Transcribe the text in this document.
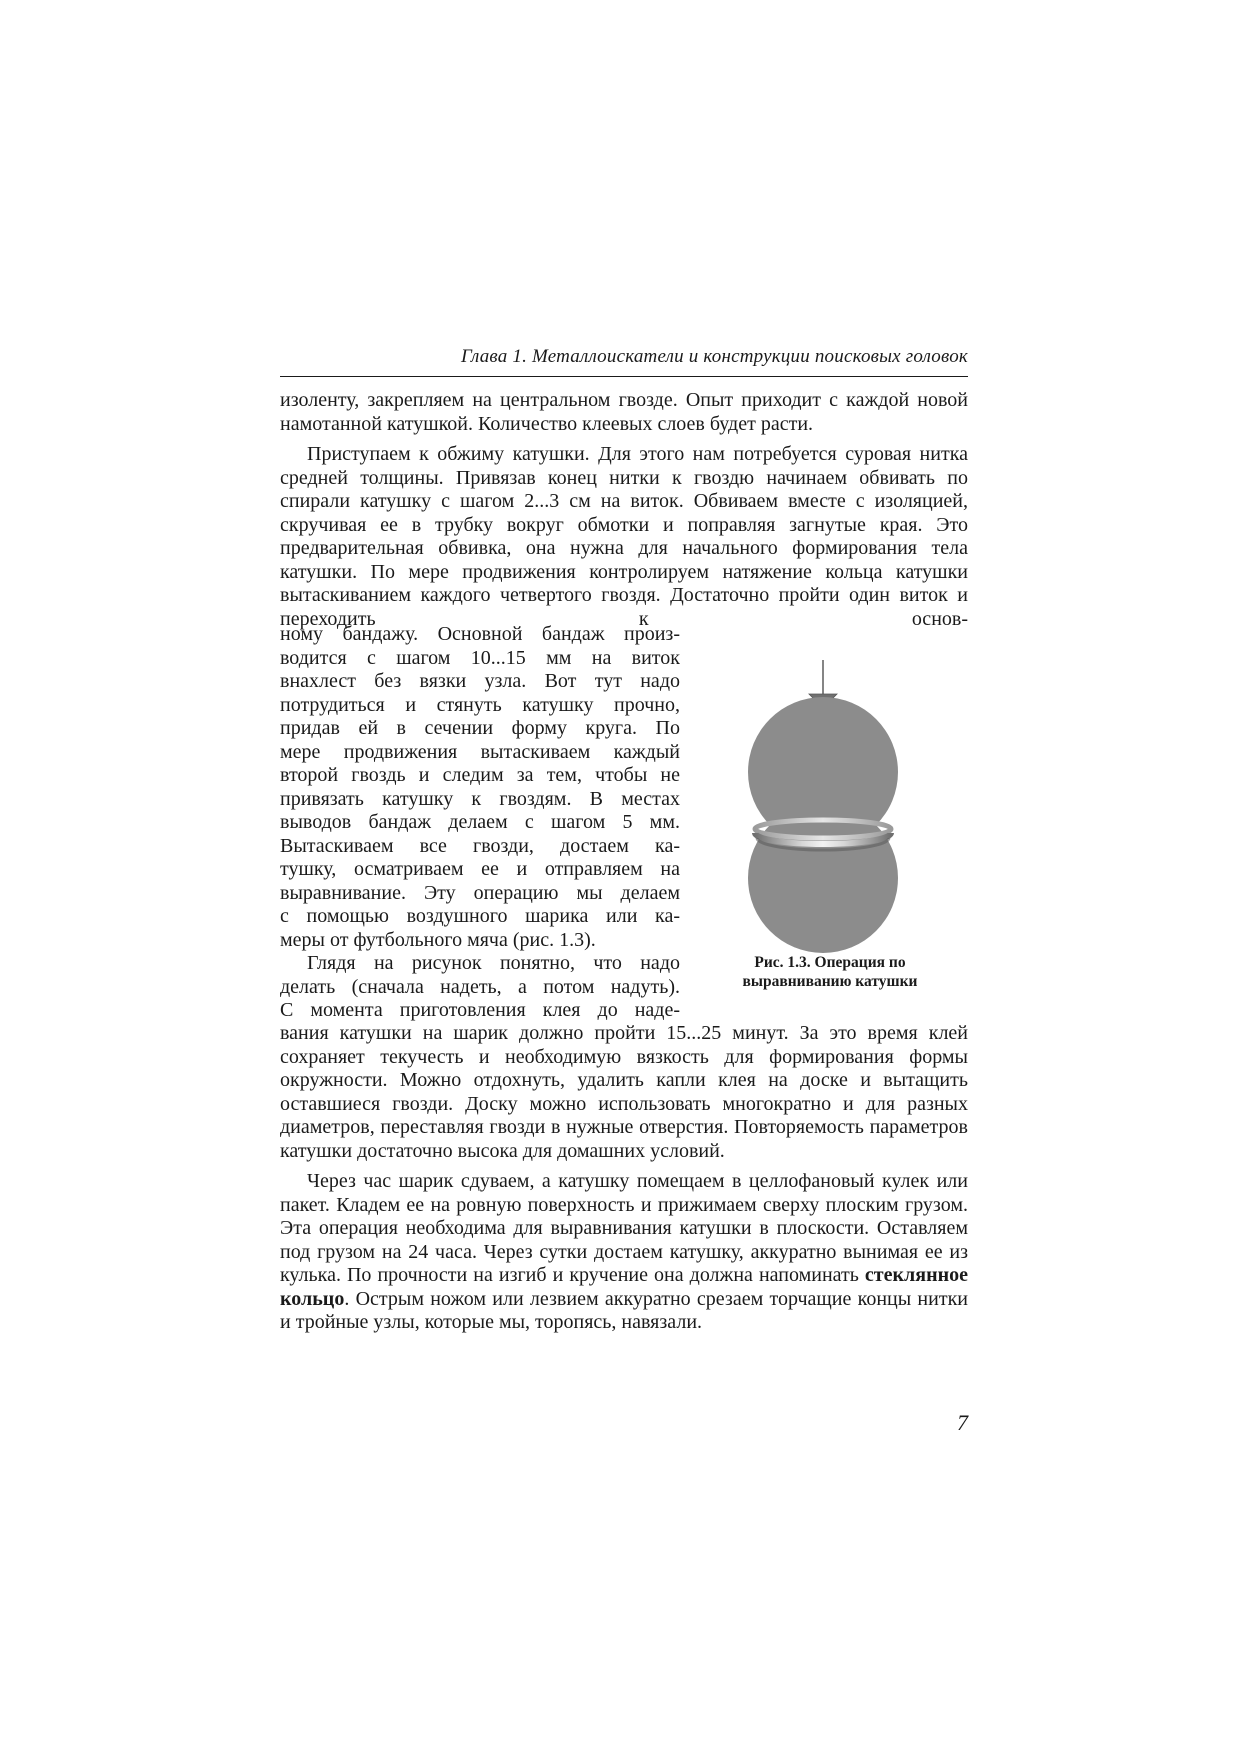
Глава 1. Металлоискатели и конструкции поисковых головок

изоленту, закрепляем на центральном гвозде. Опыт приходит с каждой новой намотанной катушкой. Количество клеевых слоев будет расти.

Приступаем к обжиму катушки. Для этого нам потребуется суровая нитка средней толщины. Привязав конец нитки к гвоздю начинаем обвивать по спирали катушку с шагом 2...3 см на виток. Обвиваем вместе с изоляцией, скручивая ее в трубку вокруг обмотки и поправляя загнутые края. Это предварительная обвивка, она нужна для начального формирования тела катушки. По мере продвижения контролируем натяжение кольца катушки вытаскиванием каждого четвертого гвоздя. Достаточно пройти один виток и переходить к основ-

ному бандажу. Основной бандаж произ-
водится с шагом 10...15 мм на виток
внахлест без вязки узла. Вот тут надо
потрудиться и стянуть катушку прочно,
придав ей в сечении форму круга. По
мере продвижения вытаскиваем каждый
второй гвоздь и следим за тем, чтобы не
привязать катушку к гвоздям. В местах
выводов бандаж делаем с шагом 5 мм.
Вытаскиваем все гвозди, достаем ка-
тушку, осматриваем ее и отправляем на
выравнивание. Эту операцию мы делаем
с помощью воздушного шарика или ка-
меры от футбольного мяча (рис. 1.3).
Глядя на рисунок понятно, что надо
делать (сначала надеть, а потом надуть).
С момента приготовления клея до наде-
Рис. 1.3. Операция по
выравниванию катушки

вания катушки на шарик должно пройти 15...25 минут. За это время клей сохраняет текучесть и необходимую вязкость для формирования формы окружности. Можно отдохнуть, удалить капли клея на доске и вытащить оставшиеся гвозди. Доску можно использовать многократно и для разных диаметров, переставляя гвозди в нужные отверстия. Повторяемость параметров катушки достаточно высока для домашних условий.

Через час шарик сдуваем, а катушку помещаем в целлофановый кулек или пакет. Кладем ее на ровную поверхность и прижимаем сверху плоским грузом. Эта операция необходима для выравнивания катушки в плоскости. Оставляем под грузом на 24 часа. Через сутки достаем катушку, аккуратно вынимая ее из кулька. По прочности на изгиб и кручение она должна напоминать стеклянное кольцо. Острым ножом или лезвием аккуратно срезаем торчащие концы нитки и тройные узлы, которые мы, торопясь, навязали.

7
